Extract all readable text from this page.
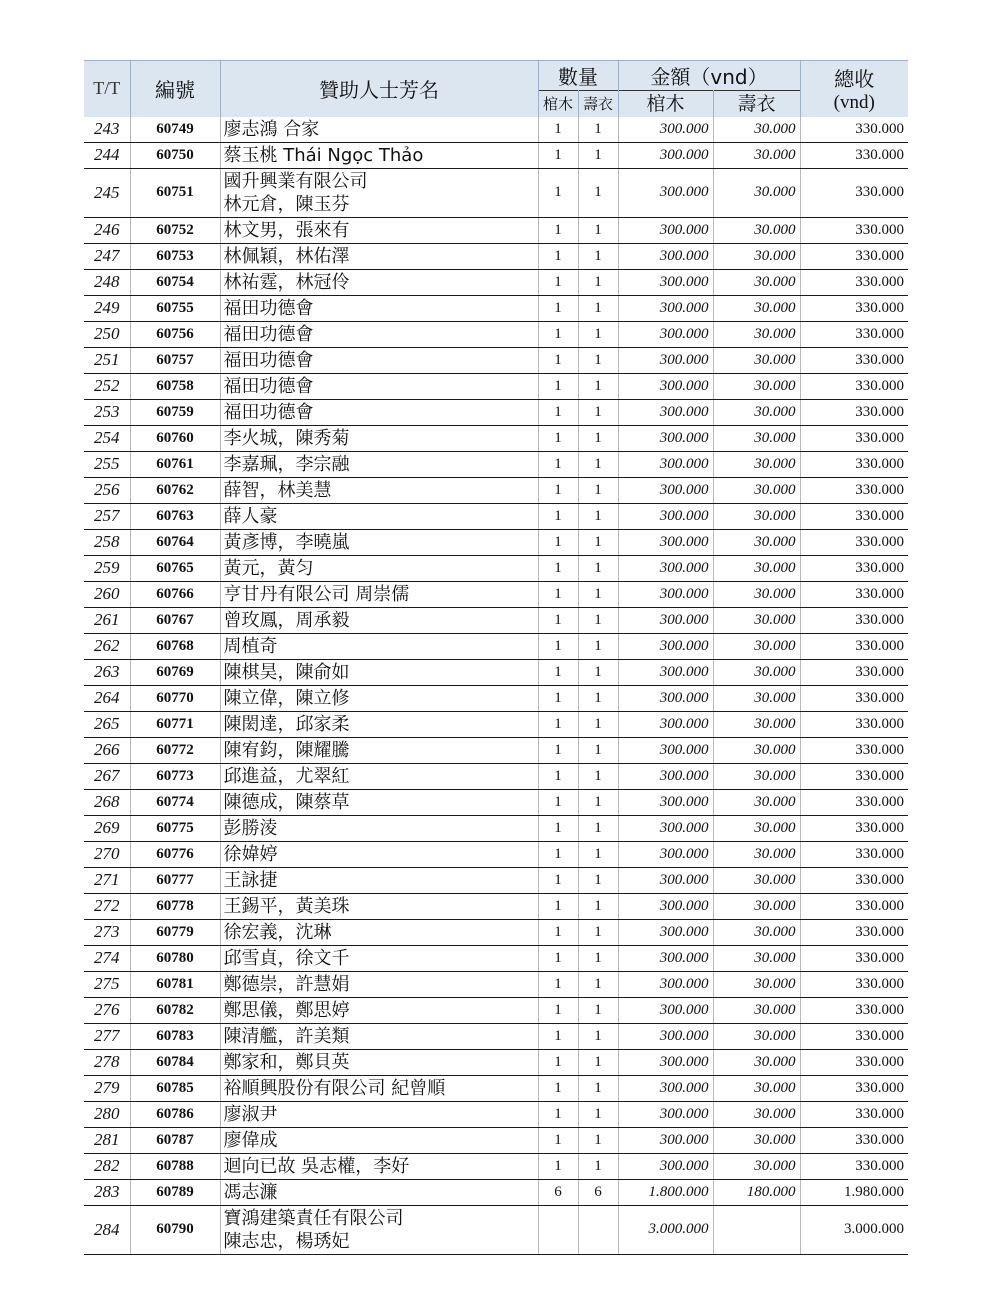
T/T	編號	贊助人士芳名	數量		金額（vnd）		總收
(vnd)

			棺木	壽衣	棺木	壽衣	
243	60749	廖志鴻 合家	1	1	300.000	30.000	330.000
244	60750	蔡玉桃 Thái Ngọc Thảo	1	1	300.000	30.000	330.000
245	60751	國升興業有限公司
林元倉，陳玉芬	1	1	300.000	30.000	330.000
246	60752	林文男，張來有	1	1	300.000	30.000	330.000
247	60753	林佩穎，林佑澤	1	1	300.000	30.000	330.000
248	60754	林祐霆，林冠伶	1	1	300.000	30.000	330.000
249	60755	福田功德會	1	1	300.000	30.000	330.000
250	60756	福田功德會	1	1	300.000	30.000	330.000
251	60757	福田功德會	1	1	300.000	30.000	330.000
252	60758	福田功德會	1	1	300.000	30.000	330.000
253	60759	福田功德會	1	1	300.000	30.000	330.000
254	60760	李火城，陳秀菊	1	1	300.000	30.000	330.000
255	60761	李嘉珮，李宗融	1	1	300.000	30.000	330.000
256	60762	薛智，林美慧	1	1	300.000	30.000	330.000
257	60763	薛人豪	1	1	300.000	30.000	330.000
258	60764	黃彥博，李曉嵐	1	1	300.000	30.000	330.000
259	60765	黃元，黃匀	1	1	300.000	30.000	330.000
260	60766	亨甘丹有限公司 周崇儒	1	1	300.000	30.000	330.000
261	60767	曾玫鳳，周承毅	1	1	300.000	30.000	330.000
262	60768	周植奇	1	1	300.000	30.000	330.000
263	60769	陳棋昊，陳俞如	1	1	300.000	30.000	330.000
264	60770	陳立偉，陳立修	1	1	300.000	30.000	330.000
265	60771	陳閎達，邱家柔	1	1	300.000	30.000	330.000
266	60772	陳宥鈞，陳耀騰	1	1	300.000	30.000	330.000
267	60773	邱進益，尤翠紅	1	1	300.000	30.000	330.000
268	60774	陳德成，陳蔡草	1	1	300.000	30.000	330.000
269	60775	彭勝淩	1	1	300.000	30.000	330.000
270	60776	徐媁婷	1	1	300.000	30.000	330.000
271	60777	王詠捷	1	1	300.000	30.000	330.000
272	60778	王錫平，黃美珠	1	1	300.000	30.000	330.000
273	60779	徐宏義，沈琳	1	1	300.000	30.000	330.000
274	60780	邱雪貞，徐文千	1	1	300.000	30.000	330.000
275	60781	鄭德崇，許慧娟	1	1	300.000	30.000	330.000
276	60782	鄭思儀，鄭思婷	1	1	300.000	30.000	330.000
277	60783	陳清艦，許美類	1	1	300.000	30.000	330.000
278	60784	鄭家和，鄭貝英	1	1	300.000	30.000	330.000
279	60785	裕順興股份有限公司 紀曾順	1	1	300.000	30.000	330.000
280	60786	廖淑尹	1	1	300.000	30.000	330.000
281	60787	廖偉成	1	1	300.000	30.000	330.000
282	60788	迴向已故 吳志權，李好	1	1	300.000	30.000	330.000
283	60789	馮志濂	6	6	1.800.000	180.000	1.980.000
284	60790	寶鴻建築責任有限公司
陳志忠，楊琇妃			3.000.000		3.000.000
